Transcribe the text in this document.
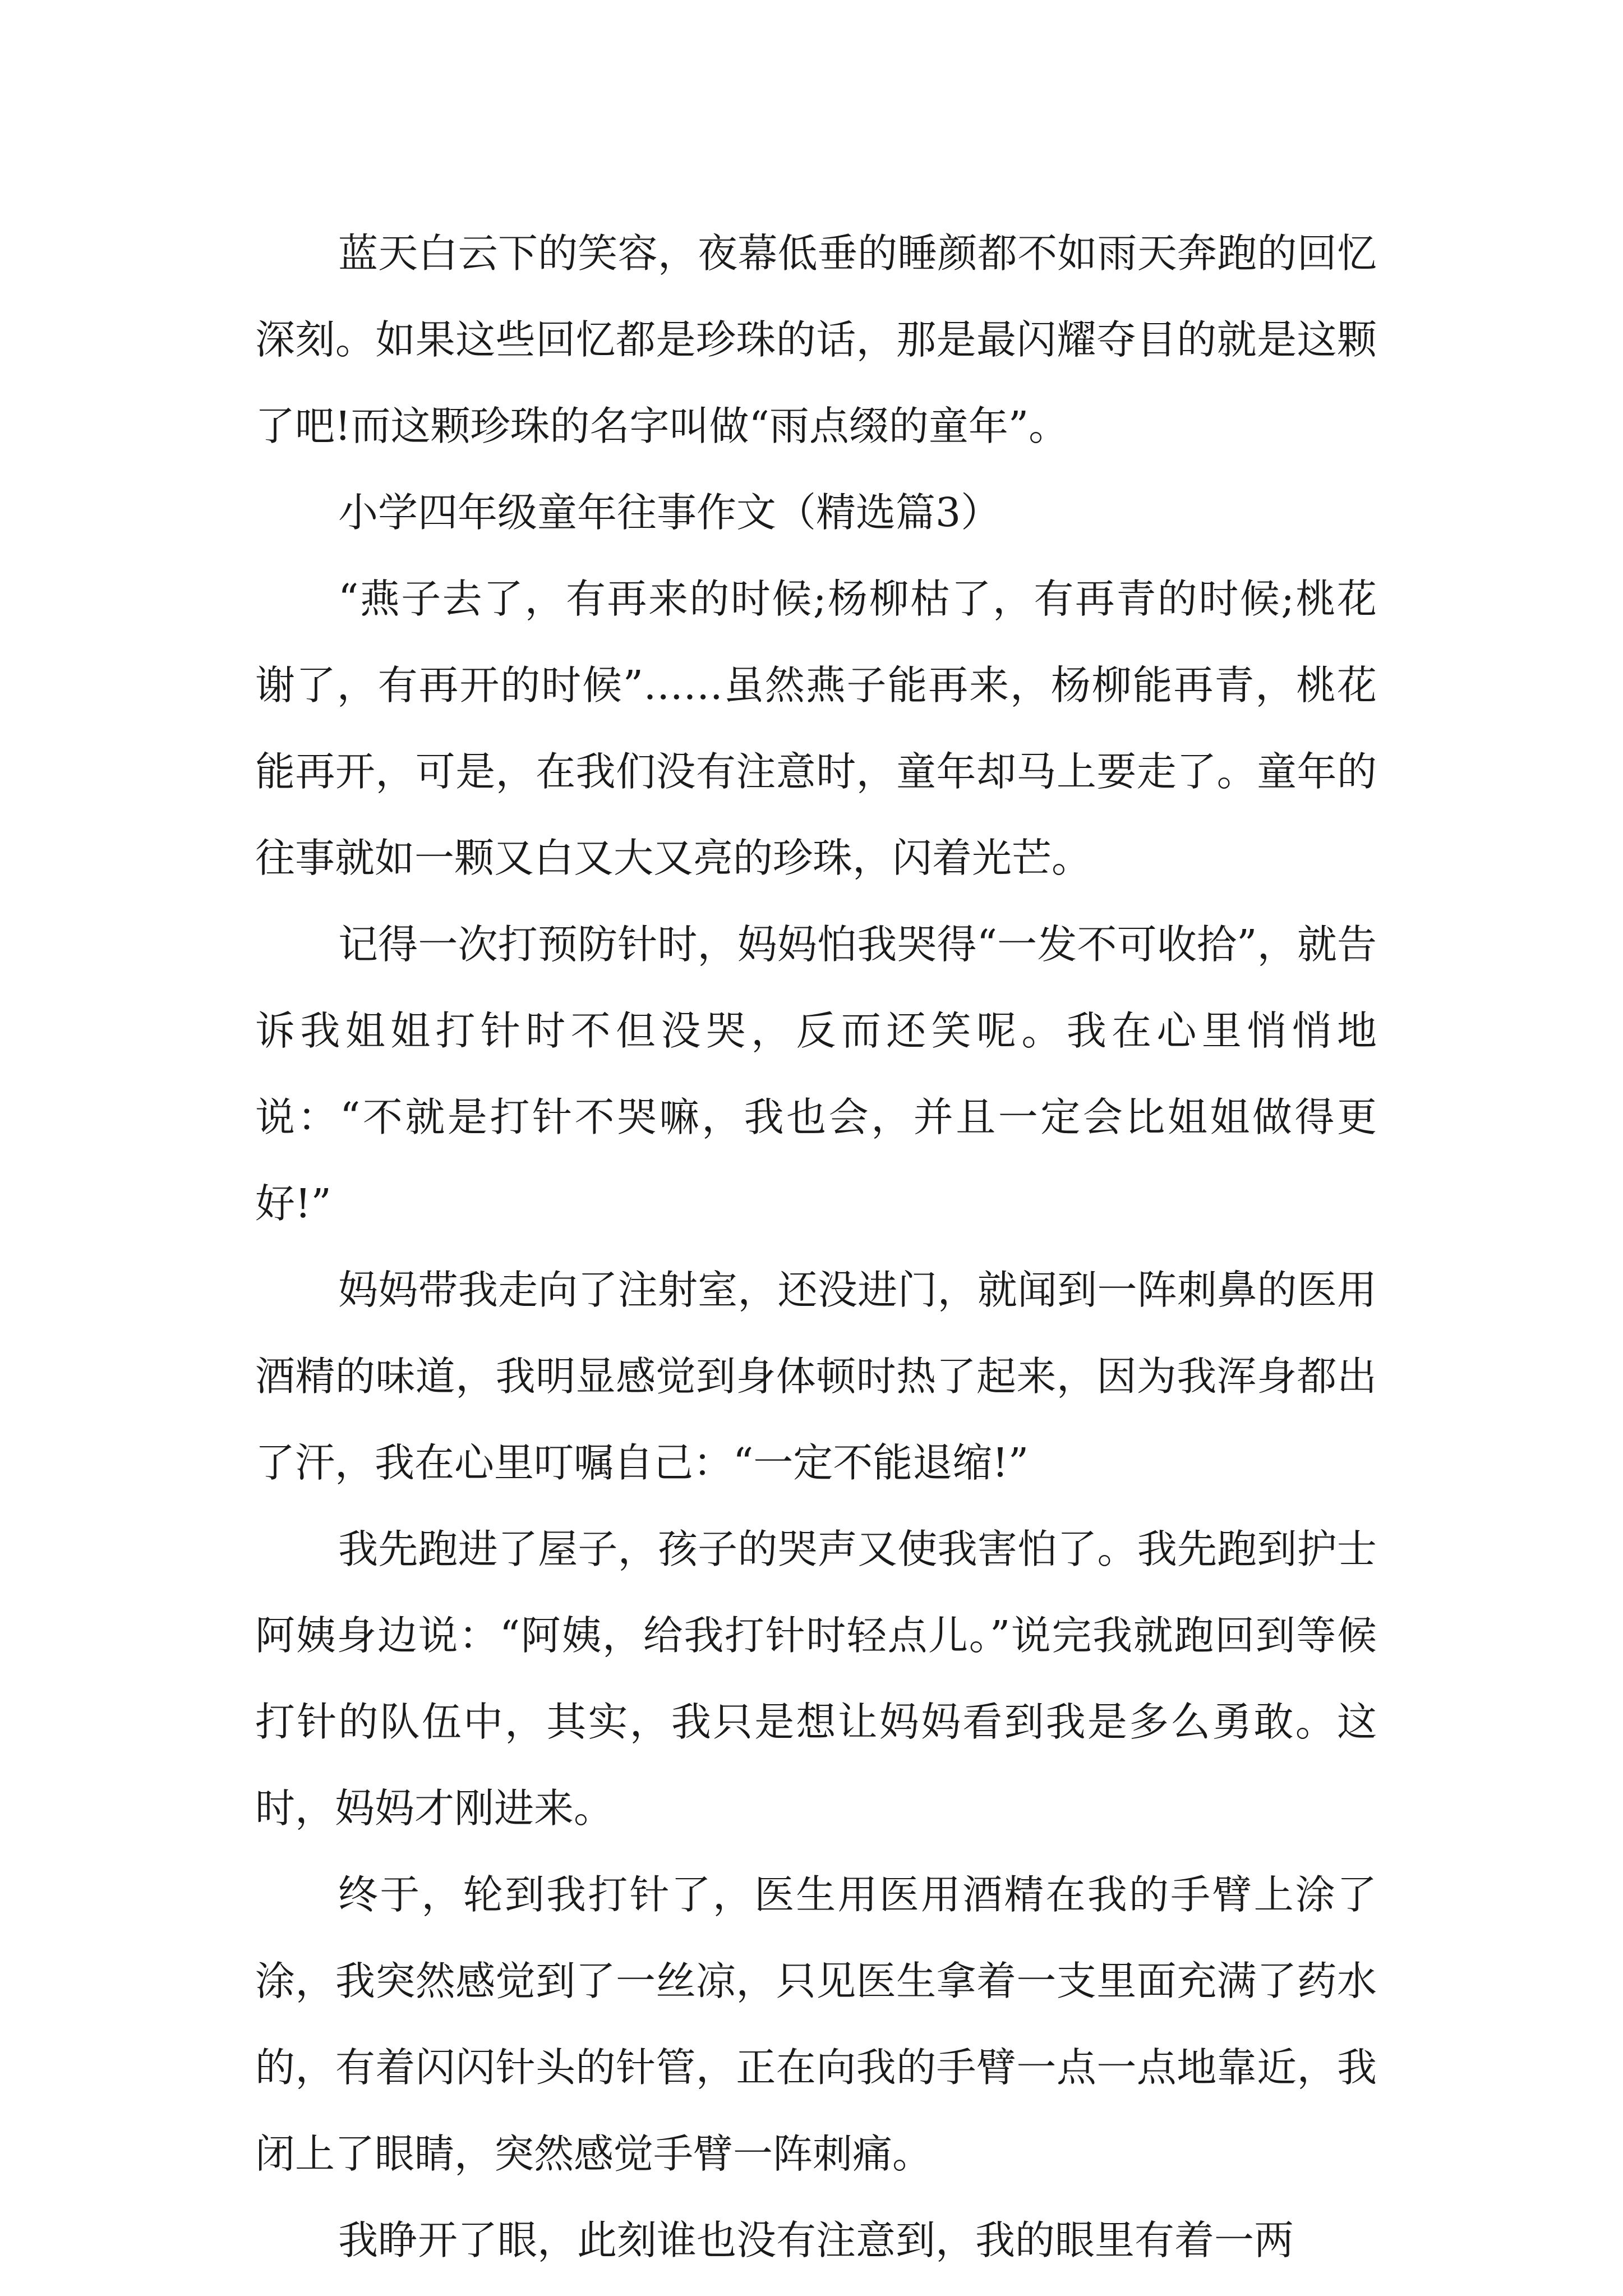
蓝天白云下的笑容，夜幕低垂的睡颜都不如雨天奔跑的回忆深刻。如果这些回忆都是珍珠的话，那是最闪耀夺目的就是这颗了吧!而这颗珍珠的名字叫做“雨点缀的童年”。

小学四年级童年往事作文（精选篇3）

“燕子去了，有再来的时候;杨柳枯了，有再青的时候;桃花谢了，有再开的时候”……虽然燕子能再来，杨柳能再青，桃花能再开，可是，在我们没有注意时，童年却马上要走了。童年的往事就如一颗又白又大又亮的珍珠，闪着光芒。

记得一次打预防针时，妈妈怕我哭得“一发不可收拾”，就告诉我姐姐打针时不但没哭，反而还笑呢。我在心里悄悄地说：“不就是打针不哭嘛，我也会，并且一定会比姐姐做得更好!”

妈妈带我走向了注射室，还没进门，就闻到一阵刺鼻的医用酒精的味道，我明显感觉到身体顿时热了起来，因为我浑身都出了汗，我在心里叮嘱自己：“一定不能退缩!”

我先跑进了屋子，孩子的哭声又使我害怕了。我先跑到护士阿姨身边说：“阿姨，给我打针时轻点儿。”说完我就跑回到等候打针的队伍中，其实，我只是想让妈妈看到我是多么勇敢。这时，妈妈才刚进来。

终于，轮到我打针了，医生用医用酒精在我的手臂上涂了涂，我突然感觉到了一丝凉，只见医生拿着一支里面充满了药水的，有着闪闪针头的针管，正在向我的手臂一点一点地靠近，我闭上了眼睛，突然感觉手臂一阵刺痛。

我睁开了眼，此刻谁也没有注意到，我的眼里有着一两
